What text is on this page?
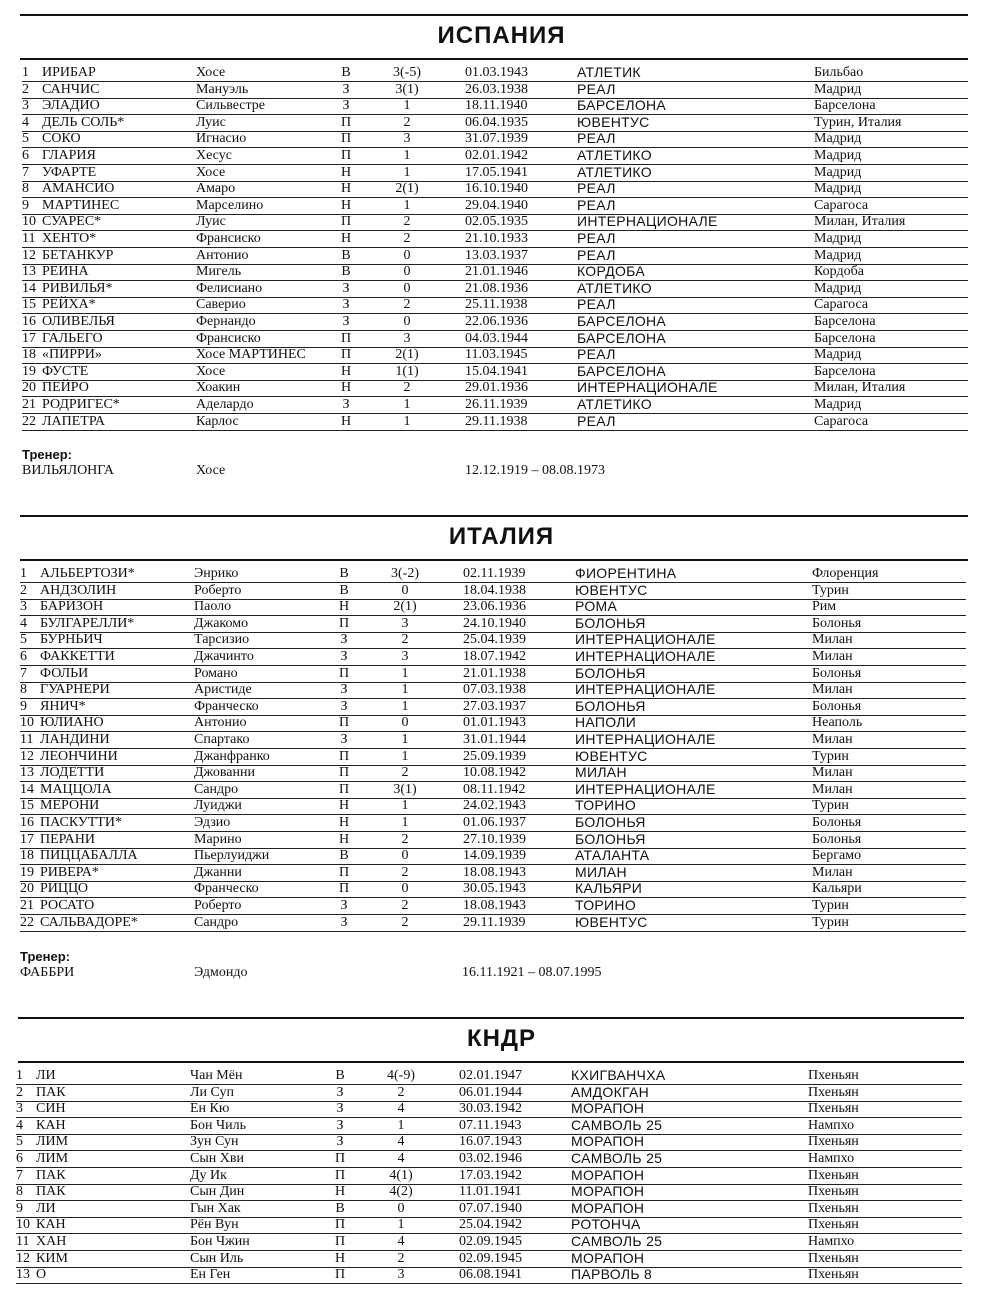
ИСПАНИЯ
1 ИРИБАР	Хосе	В	3(-5)	01.03.1943	АТЛЕТИК	Бильбао
2 САНЧИС	Мануэль	З	3(1)	26.03.1938	РЕАЛ	Мадрид
3 ЭЛАДИО	Сильвестре	З	1	18.11.1940	БАРСЕЛОНА	Барселона
4 ДЕЛЬ СОЛЬ*	Луис	П	2	06.04.1935	ЮВЕНТУС	Турин, Италия
5 СОКО	Игнасио	П	3	31.07.1939	РЕАЛ	Мадрид
6 ГЛАРИЯ	Хесус	П	1	02.01.1942	АТЛЕТИКО	Мадрид
7 УФАРТЕ	Хосе	Н	1	17.05.1941	АТЛЕТИКО	Мадрид
8 АМАНСИО	Амаро	Н	2(1)	16.10.1940	РЕАЛ	Мадрид
9 МАРТИНЕС	Марселино	Н	1	29.04.1940	РЕАЛ	Сарагоса
10 СУАРЕС*	Луис	П	2	02.05.1935	ИНТЕРНАЦИОНАЛЕ	Милан, Италия
11 ХЕНТО*	Франсиско	Н	2	21.10.1933	РЕАЛ	Мадрид
12 БЕТАНКУР	Антонио	В	0	13.03.1937	РЕАЛ	Мадрид
13 РЕИНА	Мигель	В	0	21.01.1946	КОРДОБА	Кордоба
14 РИВИЛЬЯ*	Фелисиано	З	0	21.08.1936	АТЛЕТИКО	Мадрид
15 РЕЙХА*	Саверио	З	2	25.11.1938	РЕАЛ	Сарагоса
16 ОЛИВЕЛЬЯ	Фернандо	З	0	22.06.1936	БАРСЕЛОНА	Барселона
17 ГАЛЬЕГО	Франсиско	П	3	04.03.1944	БАРСЕЛОНА	Барселона
18 «ПИРРИ»	Хосе МАРТИНЕС	П	2(1)	11.03.1945	РЕАЛ	Мадрид
19 ФУСТЕ	Хосе	Н	1(1)	15.04.1941	БАРСЕЛОНА	Барселона
20 ПЕЙРО	Хоакин	Н	2	29.01.1936	ИНТЕРНАЦИОНАЛЕ	Милан, Италия
21 РОДРИГЕС*	Аделардо	З	1	26.11.1939	АТЛЕТИКО	Мадрид
22 ЛАПЕТРА	Карлос	Н	1	29.11.1938	РЕАЛ	Сарагоса
Тренер:
ВИЛЬЯЛОНГА	Хосе	12.12.1919 – 08.08.1973
ИТАЛИЯ
1 АЛЬБЕРТОЗИ*	Энрико	В	3(-2)	02.11.1939	ФИОРЕНТИНА	Флоренция
2 АНДЗОЛИН	Роберто	В	0	18.04.1938	ЮВЕНТУС	Турин
3 БАРИЗОН	Паоло	Н	2(1)	23.06.1936	РОМА	Рим
4 БУЛГАРЕЛЛИ*	Джакомо	П	3	24.10.1940	БОЛОНЬЯ	Болонья
5 БУРНЬИЧ	Тарсизио	З	2	25.04.1939	ИНТЕРНАЦИОНАЛЕ	Милан
6 ФАККЕТТИ	Джачинто	З	3	18.07.1942	ИНТЕРНАЦИОНАЛЕ	Милан
7 ФОЛЬИ	Романо	П	1	21.01.1938	БОЛОНЬЯ	Болонья
8 ГУАРНЕРИ	Аристиде	З	1	07.03.1938	ИНТЕРНАЦИОНАЛЕ	Милан
9 ЯНИЧ*	Франческо	З	1	27.03.1937	БОЛОНЬЯ	Болонья
10 ЮЛИАНО	Антонио	П	0	01.01.1943	НАПОЛИ	Неаполь
11 ЛАНДИНИ	Спартако	З	1	31.01.1944	ИНТЕРНАЦИОНАЛЕ	Милан
12 ЛЕОНЧИНИ	Джанфранко	П	1	25.09.1939	ЮВЕНТУС	Турин
13 ЛОДЕТТИ	Джованни	П	2	10.08.1942	МИЛАН	Милан
14 МАЦЦОЛА	Сандро	П	3(1)	08.11.1942	ИНТЕРНАЦИОНАЛЕ	Милан
15 МЕРОНИ	Луиджи	Н	1	24.02.1943	ТОРИНО	Турин
16 ПАСКУТТИ*	Эдзио	Н	1	01.06.1937	БОЛОНЬЯ	Болонья
17 ПЕРАНИ	Марино	Н	2	27.10.1939	БОЛОНЬЯ	Болонья
18 ПИЦЦАБАЛЛА	Пьерлуиджи	В	0	14.09.1939	АТАЛАНТА	Бергамо
19 РИВЕРА*	Джанни	П	2	18.08.1943	МИЛАН	Милан
20 РИЦЦО	Франческо	П	0	30.05.1943	КАЛЬЯРИ	Кальяри
21 РОСАТО	Роберто	З	2	18.08.1943	ТОРИНО	Турин
22 САЛЬВАДОРЕ*	Сандро	З	2	29.11.1939	ЮВЕНТУС	Турин
Тренер:
ФАББРИ	Эдмондо	16.11.1921 – 08.07.1995
КНДР
1 ЛИ	Чан Мён	В	4(-9)	02.01.1947	КХИГВАНЧХА	Пхеньян
2 ПАК	Ли Суп	З	2	06.01.1944	АМДОКГАН	Пхеньян
3 СИН	Ен Кю	З	4	30.03.1942	МОРАПОН	Пхеньян
4 КАН	Бон Чиль	З	1	07.11.1943	САМВОЛЬ 25	Нампхо
5 ЛИМ	Зун Сун	З	4	16.07.1943	МОРАПОН	Пхеньян
6 ЛИМ	Сын Хви	П	4	03.02.1946	САМВОЛЬ 25	Нампхо
7 ПАК	Ду Ик	П	4(1)	17.03.1942	МОРАПОН	Пхеньян
8 ПАК	Сын Дин	Н	4(2)	11.01.1941	МОРАПОН	Пхеньян
9 ЛИ	Гын Хак	В	0	07.07.1940	МОРАПОН	Пхеньян
10 КАН	Рён Вун	П	1	25.04.1942	РОТОНЧА	Пхеньян
11 ХАН	Бон Чжин	П	4	02.09.1945	САМВОЛЬ 25	Нампхо
12 КИМ	Сын Иль	Н	2	02.09.1945	МОРАПОН	Пхеньян
13 О	Ен Ген	П	3	06.08.1941	ПАРВОЛЬ 8	Пхеньян
